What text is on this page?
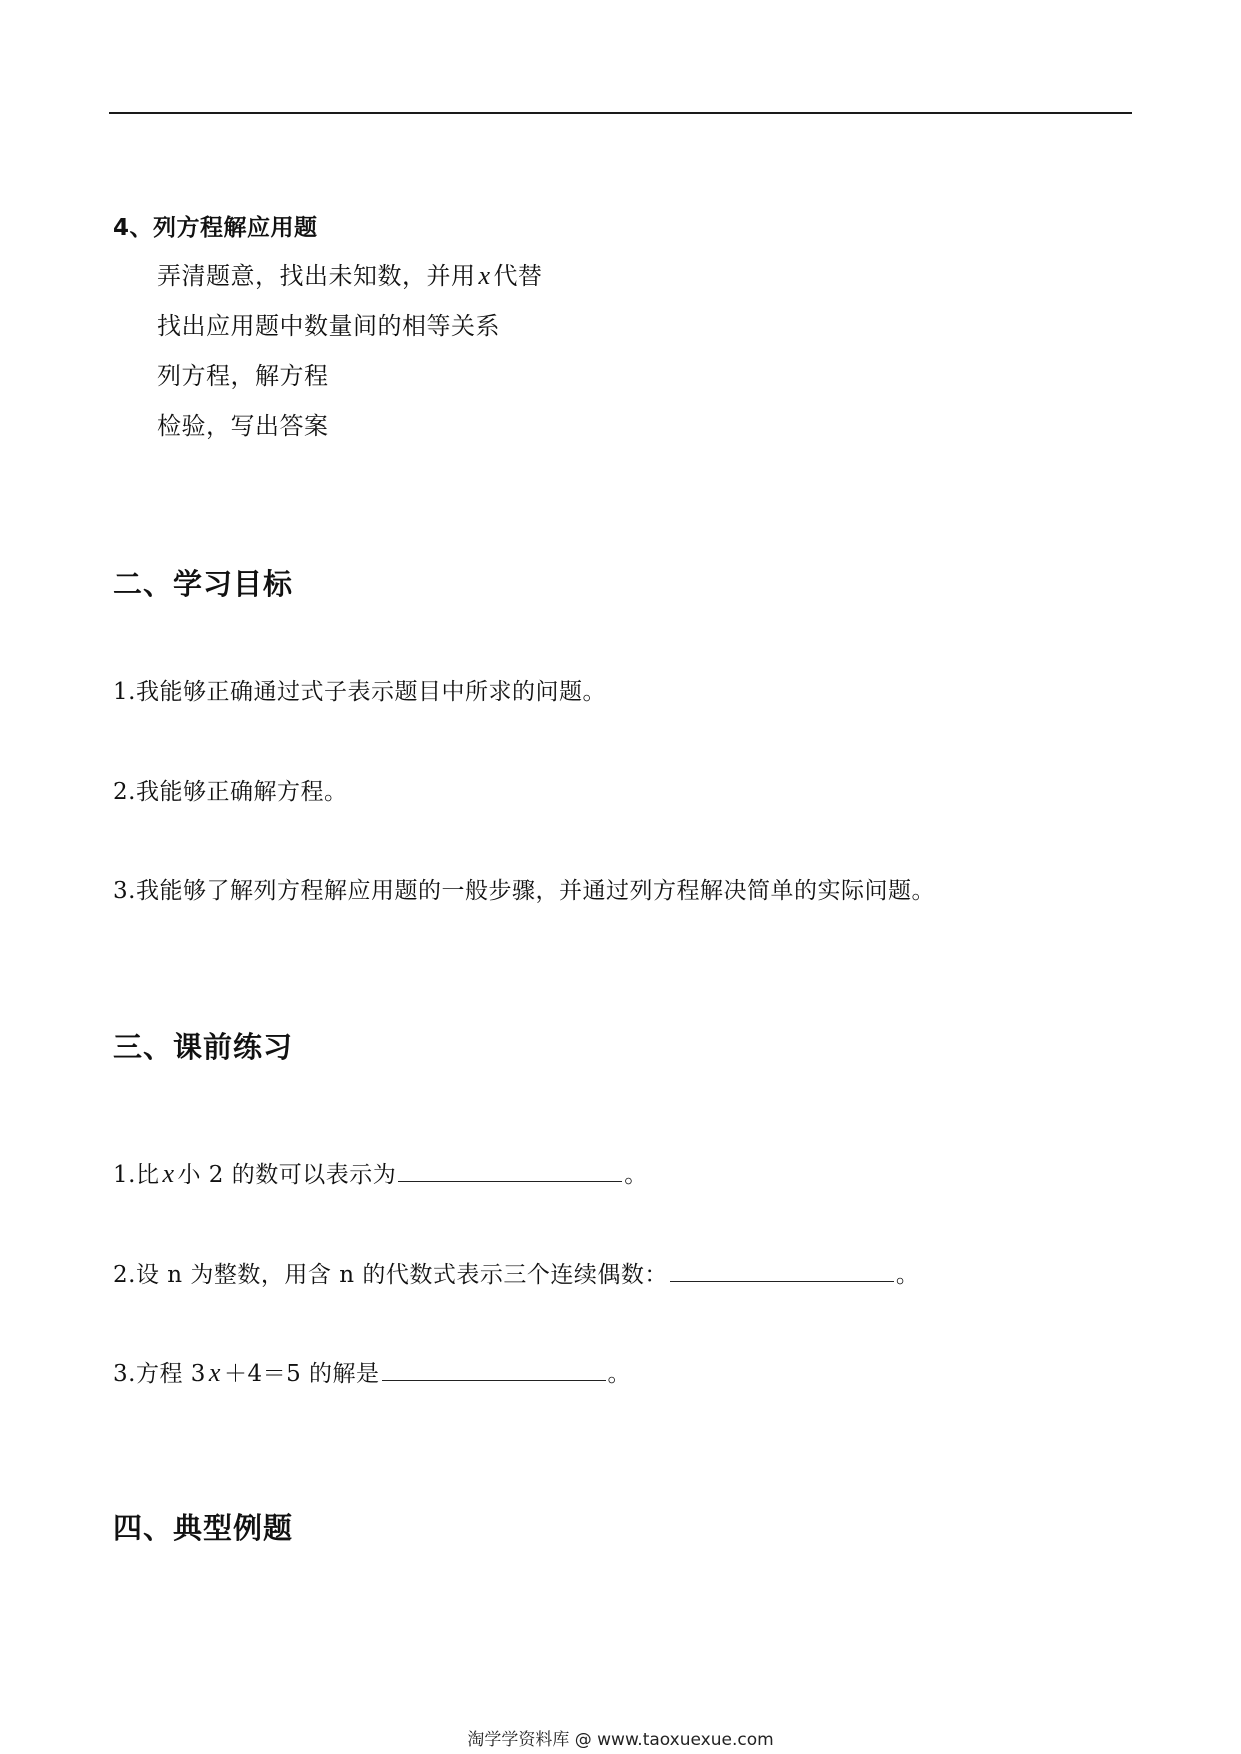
4、列方程解应用题
弄清题意，找出未知数，并用 x 代替
找出应用题中数量间的相等关系
列方程，解方程
检验，写出答案
二、学习目标
1.我能够正确通过式子表示题目中所求的问题。
2.我能够正确解方程。
3.我能够了解列方程解应用题的一般步骤，并通过列方程解决简单的实际问题。
三、课前练习
1.比 x 小 2 的数可以表示为	。
2.设 n 为整数，用含 n 的代数式表示三个连续偶数：	。
3.方程 3 x ＋4＝5 的解是	。
四、典型例题
淘学学资料库 @ www.taoxuexue.com
